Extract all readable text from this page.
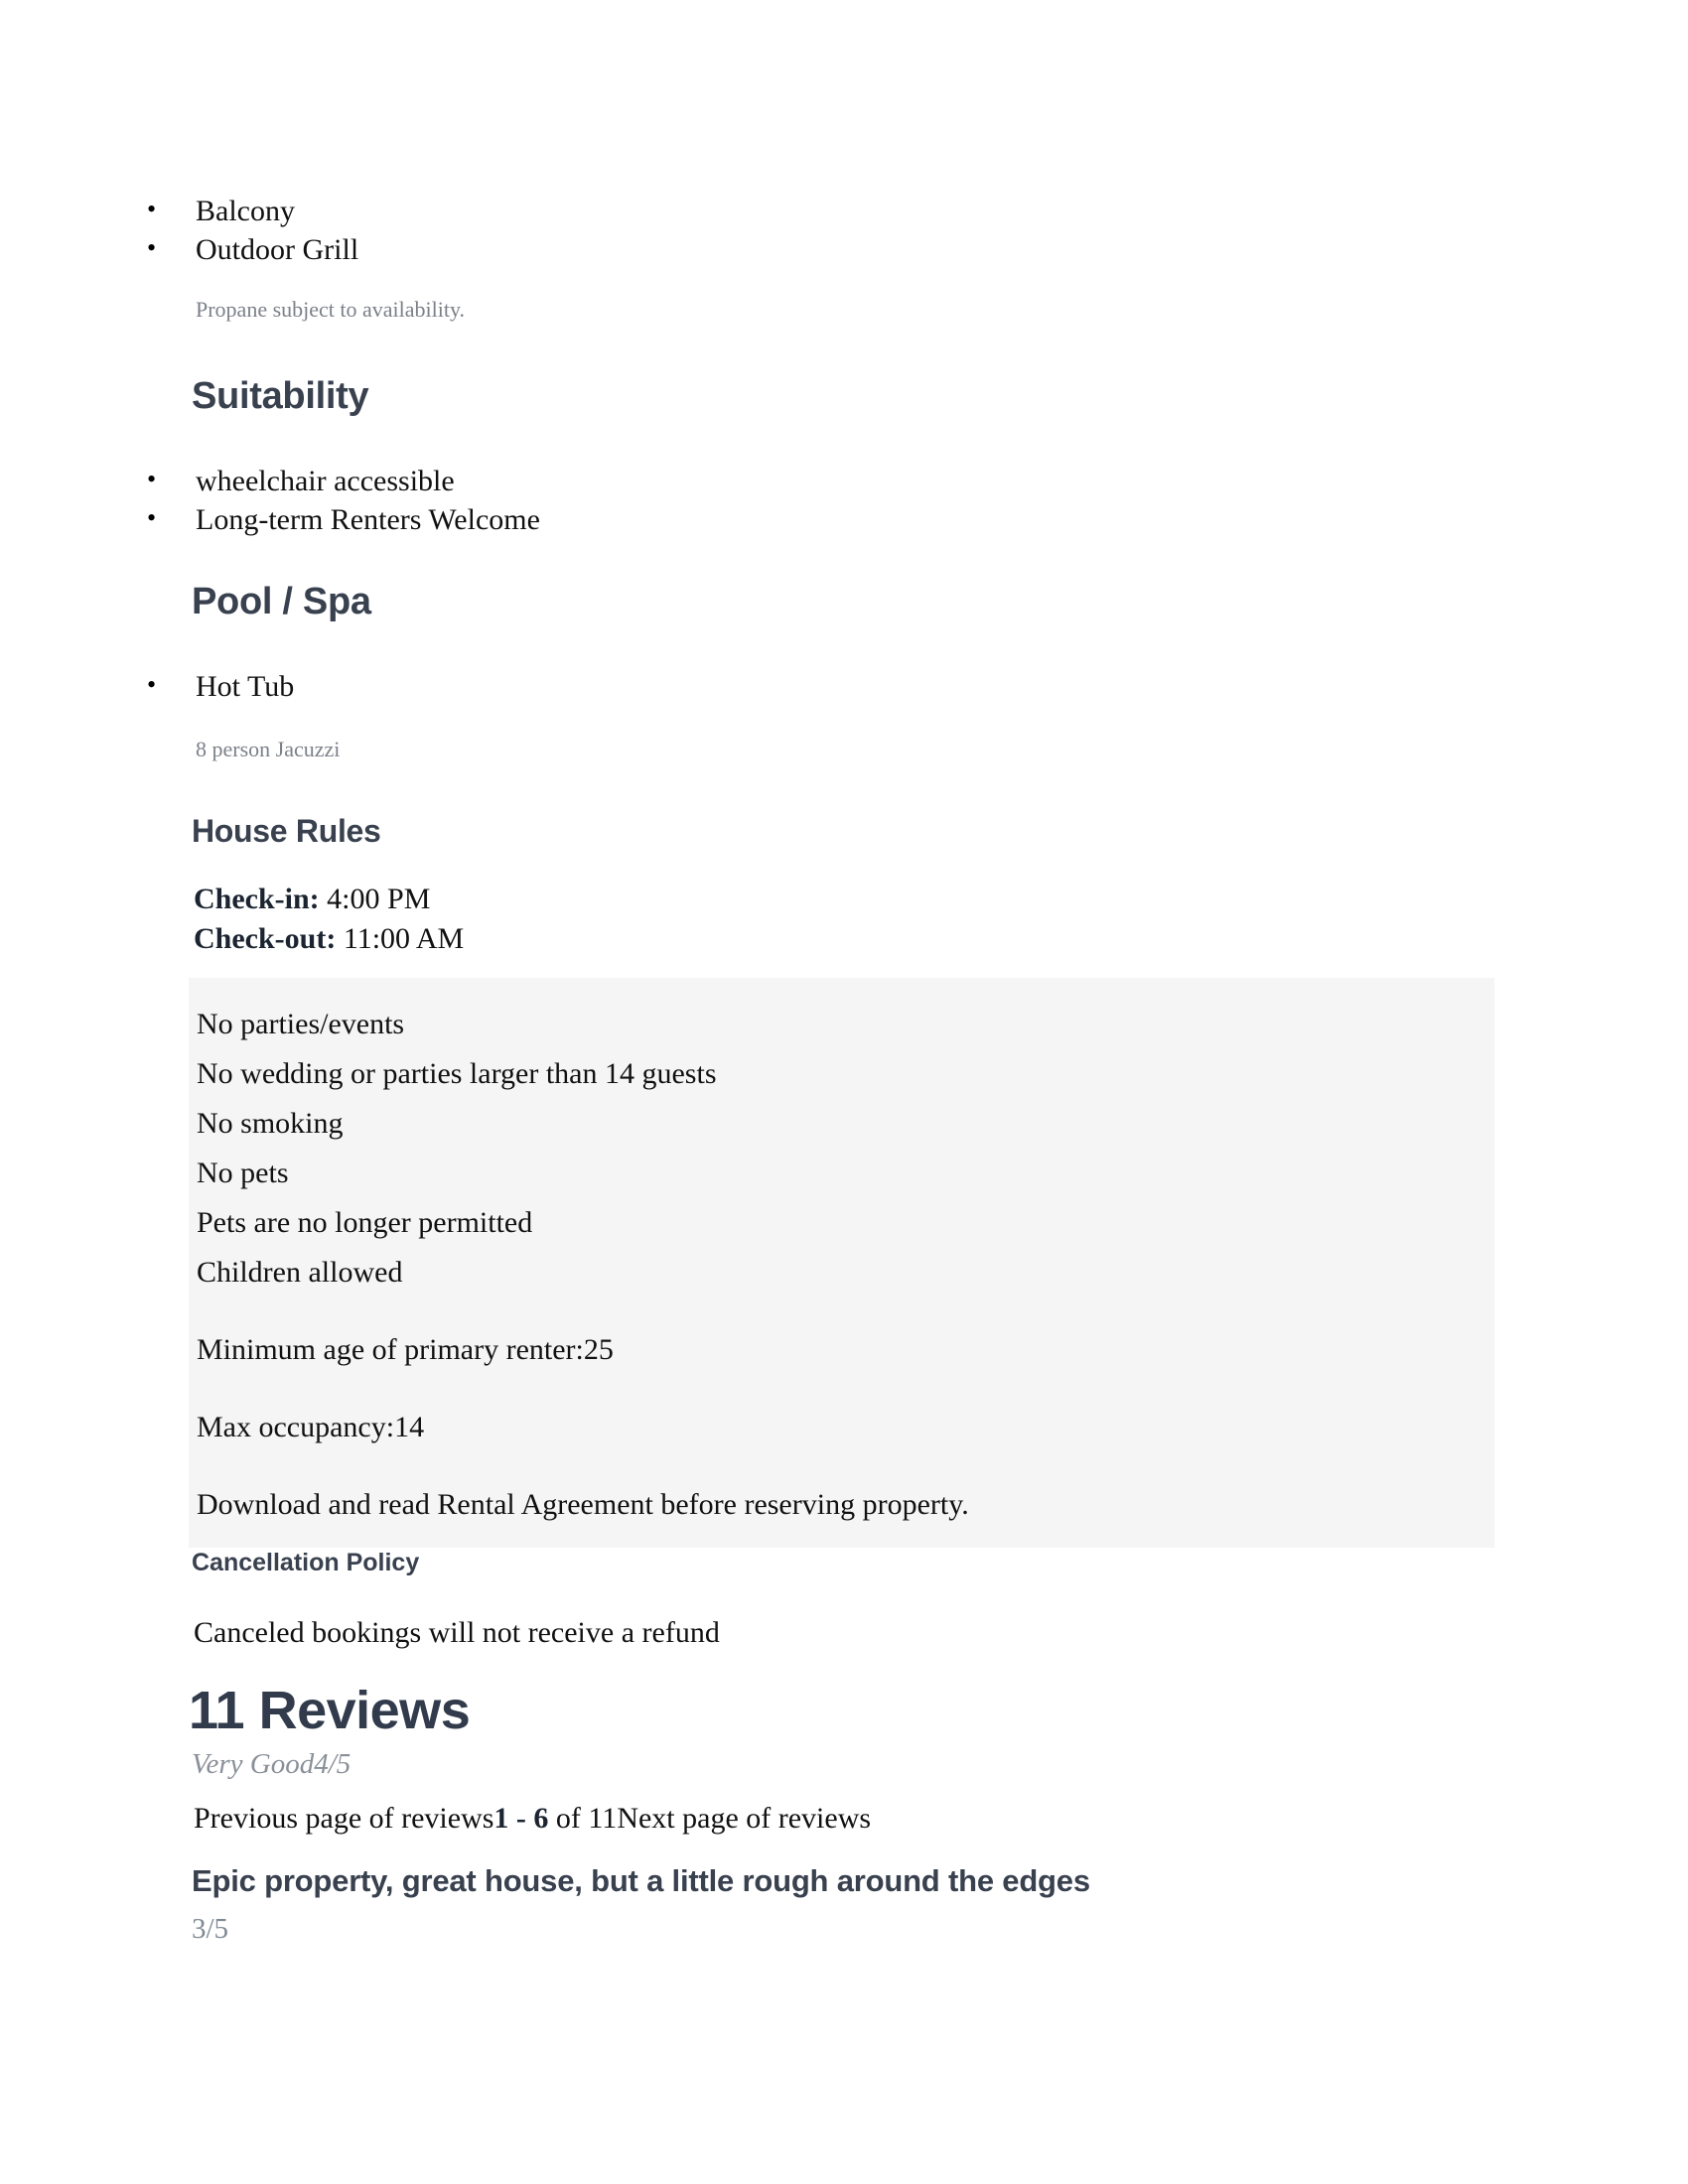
• Balcony
• Outdoor Grill
Propane subject to availability.
Suitability
• wheelchair accessible
• Long-term Renters Welcome
Pool / Spa
• Hot Tub
8 person Jacuzzi
House Rules
Check-in: 4:00 PM
Check-out: 11:00 AM
No parties/events
No wedding or parties larger than 14 guests
No smoking
No pets
Pets are no longer permitted
Children allowed
Minimum age of primary renter:25
Max occupancy:14
Download and read Rental Agreement before reserving property.
Cancellation Policy
Canceled bookings will not receive a refund
11 Reviews
Very Good4/5
Previous page of reviews1 - 6 of 11Next page of reviews
Epic property, great house, but a little rough around the edges
3/5
